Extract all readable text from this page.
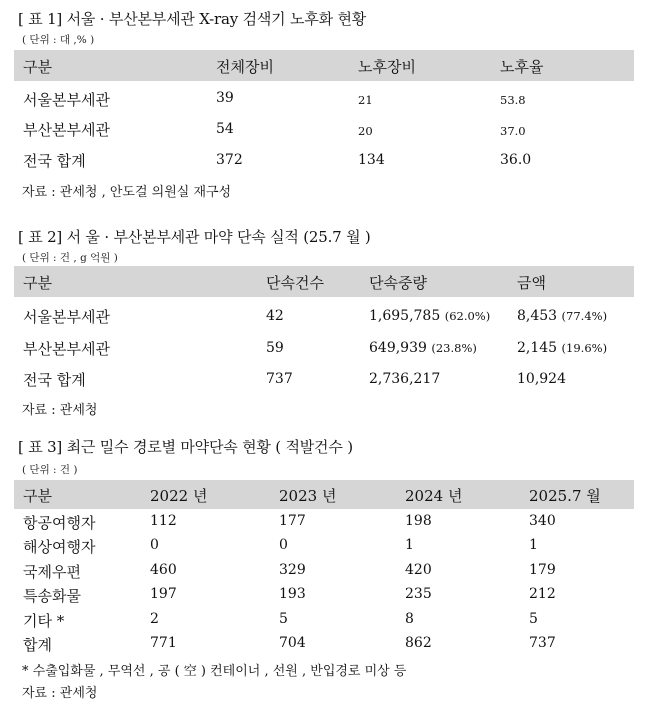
[ 표 1] 서울 · 부산본부세관 X-ray 검색기 노후화 현황
( 단위 : 대 ,% )
구분	전체장비	노후장비	노후율
서울본부세관	39	21	53.8
부산본부세관	54	20	37.0
전국 합계	372	134	36.0
자료 : 관세청 , 안도걸 의원실 재구성
[ 표 2] 서 울 · 부산본부세관 마약 단속 실적 (25.7 월 )
( 단위 : 건 , g 억원 )
구분	단속건수	단속중량	금액
서울본부세관	42	1,695,785 (62.0%) 8,453 (77.4%)
부산본부세관	59	649,939 (23.8%)	2,145 (19.6%)
전국 합계	737	2,736,217	10,924
자료 : 관세청
[ 표 3] 최근 밀수 경로별 마약단속 현황 ( 적발건수 )
( 단위 : 건 )
구분	2022 년	2023 년	2024 년	2025.7 월
항공여행자	112	177	198	340
해상여행자	0	0	1	1
국제우편	460	329	420	179
특송화물	197	193	235	212
기타 *	2	5	8	5
합계	771	704	862	737
* 수출입화물 , 무역선 , 공 ( 空 ) 컨테이너 , 선원 , 반입경로 미상 등
자료 : 관세청
